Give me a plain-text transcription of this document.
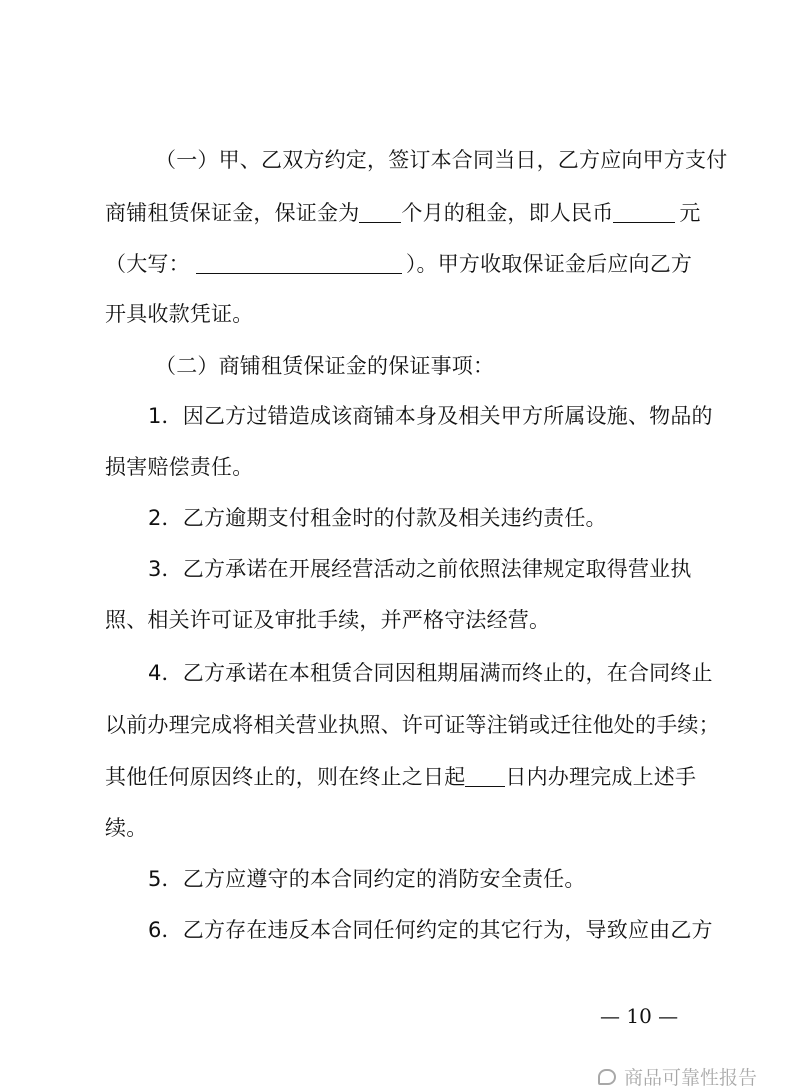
（一）甲、乙双方约定，签订本合同当日，乙方应向甲方支付
商铺租赁保证金，保证金为 个月的租金，即人民币	元
（大写：	）。甲方收取保证金后应向乙方
开具收款凭证。
（二）商铺租赁保证金的保证事项：
1．因乙方过错造成该商铺本身及相关甲方所属设施、物品的
损害赔偿责任。
2．乙方逾期支付租金时的付款及相关违约责任。
3．乙方承诺在开展经营活动之前依照法律规定取得营业执
照、相关许可证及审批手续，并严格守法经营。
4．乙方承诺在本租赁合同因租期届满而终止的，在合同终止
以前办理完成将相关营业执照、许可证等注销或迁往他处的手续；
其他任何原因终止的，则在终止之日起 日内办理完成上述手
续。
5．乙方应遵守的本合同约定的消防安全责任。
6．乙方存在违反本合同任何约定的其它行为，导致应由乙方
— 10 —
商品可靠性报告
